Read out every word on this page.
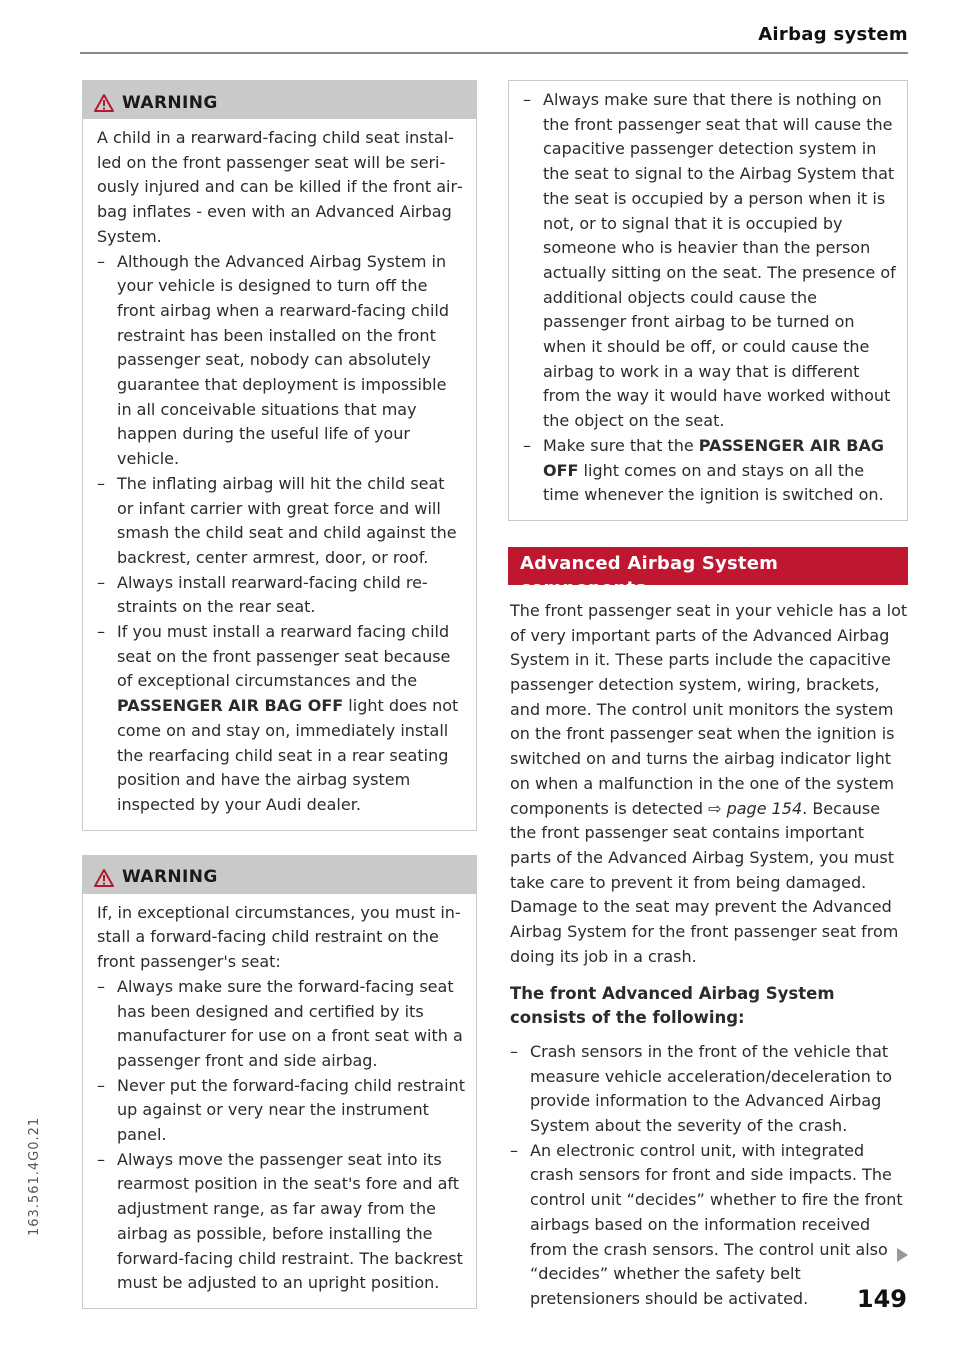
Airbag system
WARNING

A child in a rearward-facing child seat installed on the front passenger seat will be seriously injured and can be killed if the front airbag inflates - even with an Advanced Airbag System.

– Although the Advanced Airbag System in your vehicle is designed to turn off the front airbag when a rearward-facing child restraint has been installed on the front passenger seat, nobody can absolutely guarantee that deployment is impossible in all conceivable situations that may happen during the useful life of your vehicle.
– The inflating airbag will hit the child seat or infant carrier with great force and will smash the child seat and child against the backrest, center armrest, door, or roof.
– Always install rearward-facing child restraints on the rear seat.
– If you must install a rearward facing child seat on the front passenger seat because of exceptional circumstances and the PASSENGER AIR BAG OFF light does not come on and stay on, immediately install the rearfacing child seat in a rear seating position and have the airbag system inspected by your Audi dealer.
WARNING

If, in exceptional circumstances, you must install a forward-facing child restraint on the front passenger's seat:

– Always make sure the forward-facing seat has been designed and certified by its manufacturer for use on a front seat with a passenger front and side airbag.
– Never put the forward-facing child restraint up against or very near the instrument panel.
– Always move the passenger seat into its rearmost position in the seat's fore and aft adjustment range, as far away from the airbag as possible, before installing the forward-facing child restraint. The backrest must be adjusted to an upright position.
– Always make sure that there is nothing on the front passenger seat that will cause the capacitive passenger detection system in the seat to signal to the Airbag System that the seat is occupied by a person when it is not, or to signal that it is occupied by someone who is heavier than the person actually sitting on the seat. The presence of additional objects could cause the passenger front airbag to be turned on when it should be off, or could cause the airbag to work in a way that is different from the way it would have worked without the object on the seat.
– Make sure that the PASSENGER AIR BAG OFF light comes on and stays on all the time whenever the ignition is switched on.
Advanced Airbag System components

The front passenger seat in your vehicle has a lot of very important parts of the Advanced Airbag System in it. These parts include the capacitive passenger detection system, wiring, brackets, and more. The control unit monitors the system on the front passenger seat when the ignition is switched on and turns the airbag indicator light on when a malfunction in the one of the system components is detected ⇨ page 154. Because the front passenger seat contains important parts of the Advanced Airbag System, you must take care to prevent it from being damaged. Damage to the seat may prevent the Advanced Airbag System for the front passenger seat from doing its job in a crash.

The front Advanced Airbag System consists of the following:
– Crash sensors in the front of the vehicle that measure vehicle acceleration/deceleration to provide information to the Advanced Airbag System about the severity of the crash.
– An electronic control unit, with integrated crash sensors for front and side impacts. The control unit “decides” whether to fire the front airbags based on the information received from the crash sensors. The control unit also “decides” whether the safety belt pretensioners should be activated.	149
163.561.4G0.21
